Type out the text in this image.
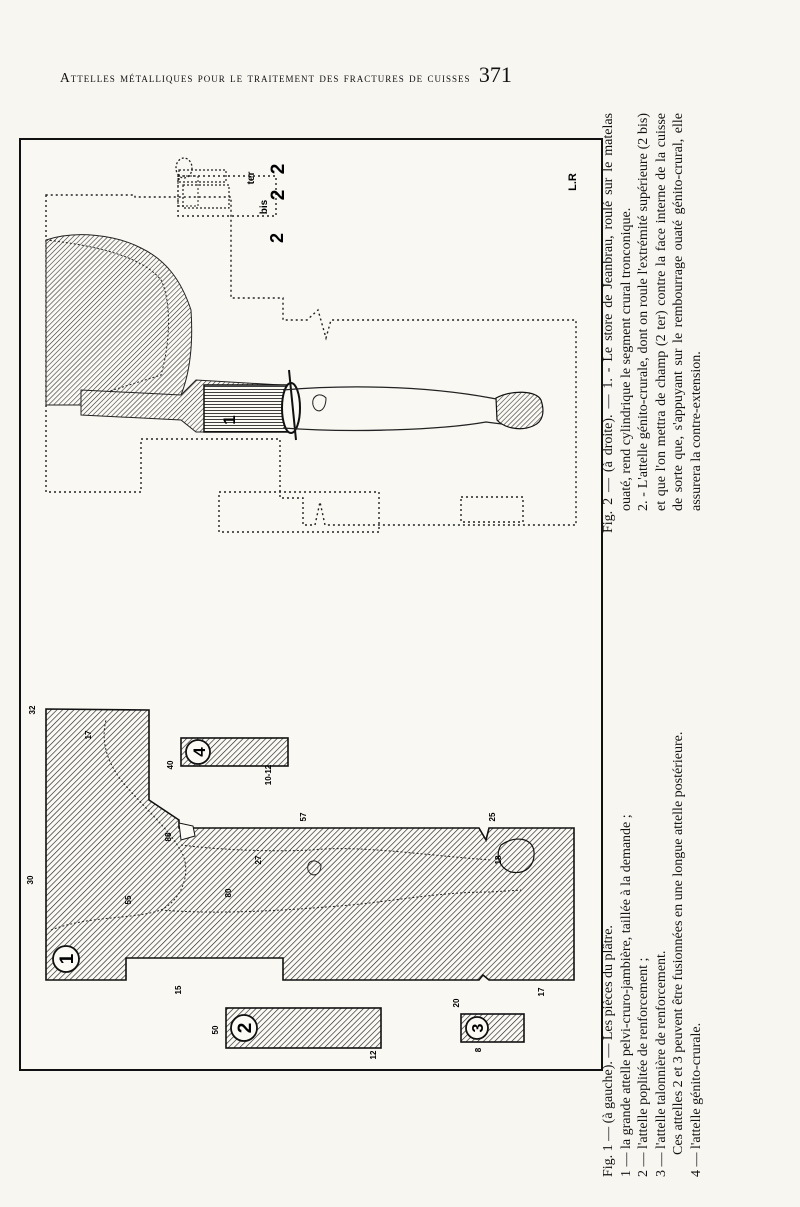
Attelles métalliques pour le traitement des fractures de cuisses 371
1
2
2
bis
2
ter	L.R
1
4
2	3
32
17
30
55
15
80
27
88
57	25
18
17
40	10-12
50
12
20
8	Fig. 1 — (à gauche). — Les pièces du plâtre. 1 — la grande attelle pelvi-cruro-jambière, taillée à la demande ; 2 — l'attelle poplitée de renforcement ; 3 — l'attelle talonnière de renforcement. Ces attelles 2 et 3 peuvent être fusionnées en une longue attelle postérieure. 4 — l'attelle génito-crurale.
Fig. 2 — (à droite). — 1. - Le store de Jeanbrau, roulé sur le matelas ouaté, rend cylindrique le segment crural tronconique. 2. - L'attelle génito-crurale, dont on roule l'extrémité supérieure (2 bis) et que l'on mettra de champ (2 ter) contre la face interne de la cuisse de sorte que, s'appuyant sur le rembourrage ouaté génito-crural, elle assurera la contre-extension.
